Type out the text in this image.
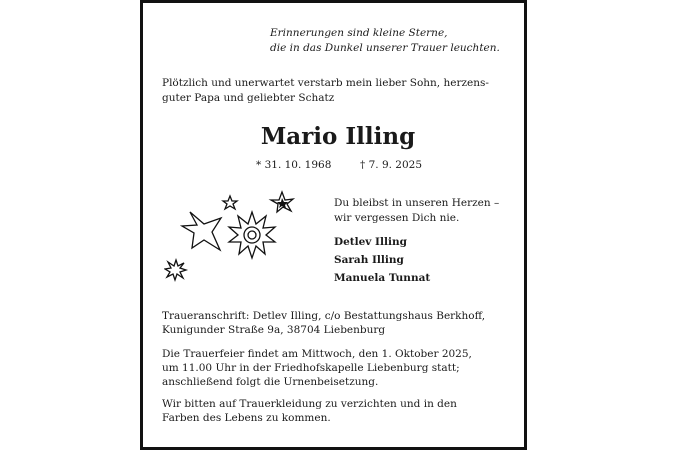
Erinnerungen sind kleine Sterne,
die in das Dunkel unserer Trauer leuchten.
Plötzlich und unerwartet verstarb mein lieber Sohn, herzens-
guter Papa und geliebter Schatz
Mario Illing
* 31. 10. 1968	† 7. 9. 2025
Du bleibst in unseren Herzen –
wir vergessen Dich nie.
Detlev Illing
Sarah Illing
Manuela Tunnat
Traueranschrift: Detlev Illing, c/o Bestattungshaus Berkhoff,
Kunigunder Straße 9a, 38704 Liebenburg
Die Trauerfeier findet am Mittwoch, den 1. Oktober 2025,
um 11.00 Uhr in der Friedhofskapelle Liebenburg statt;
anschließend folgt die Urnenbeisetzung.
Wir bitten auf Trauerkleidung zu verzichten und in den
Farben des Lebens zu kommen.
